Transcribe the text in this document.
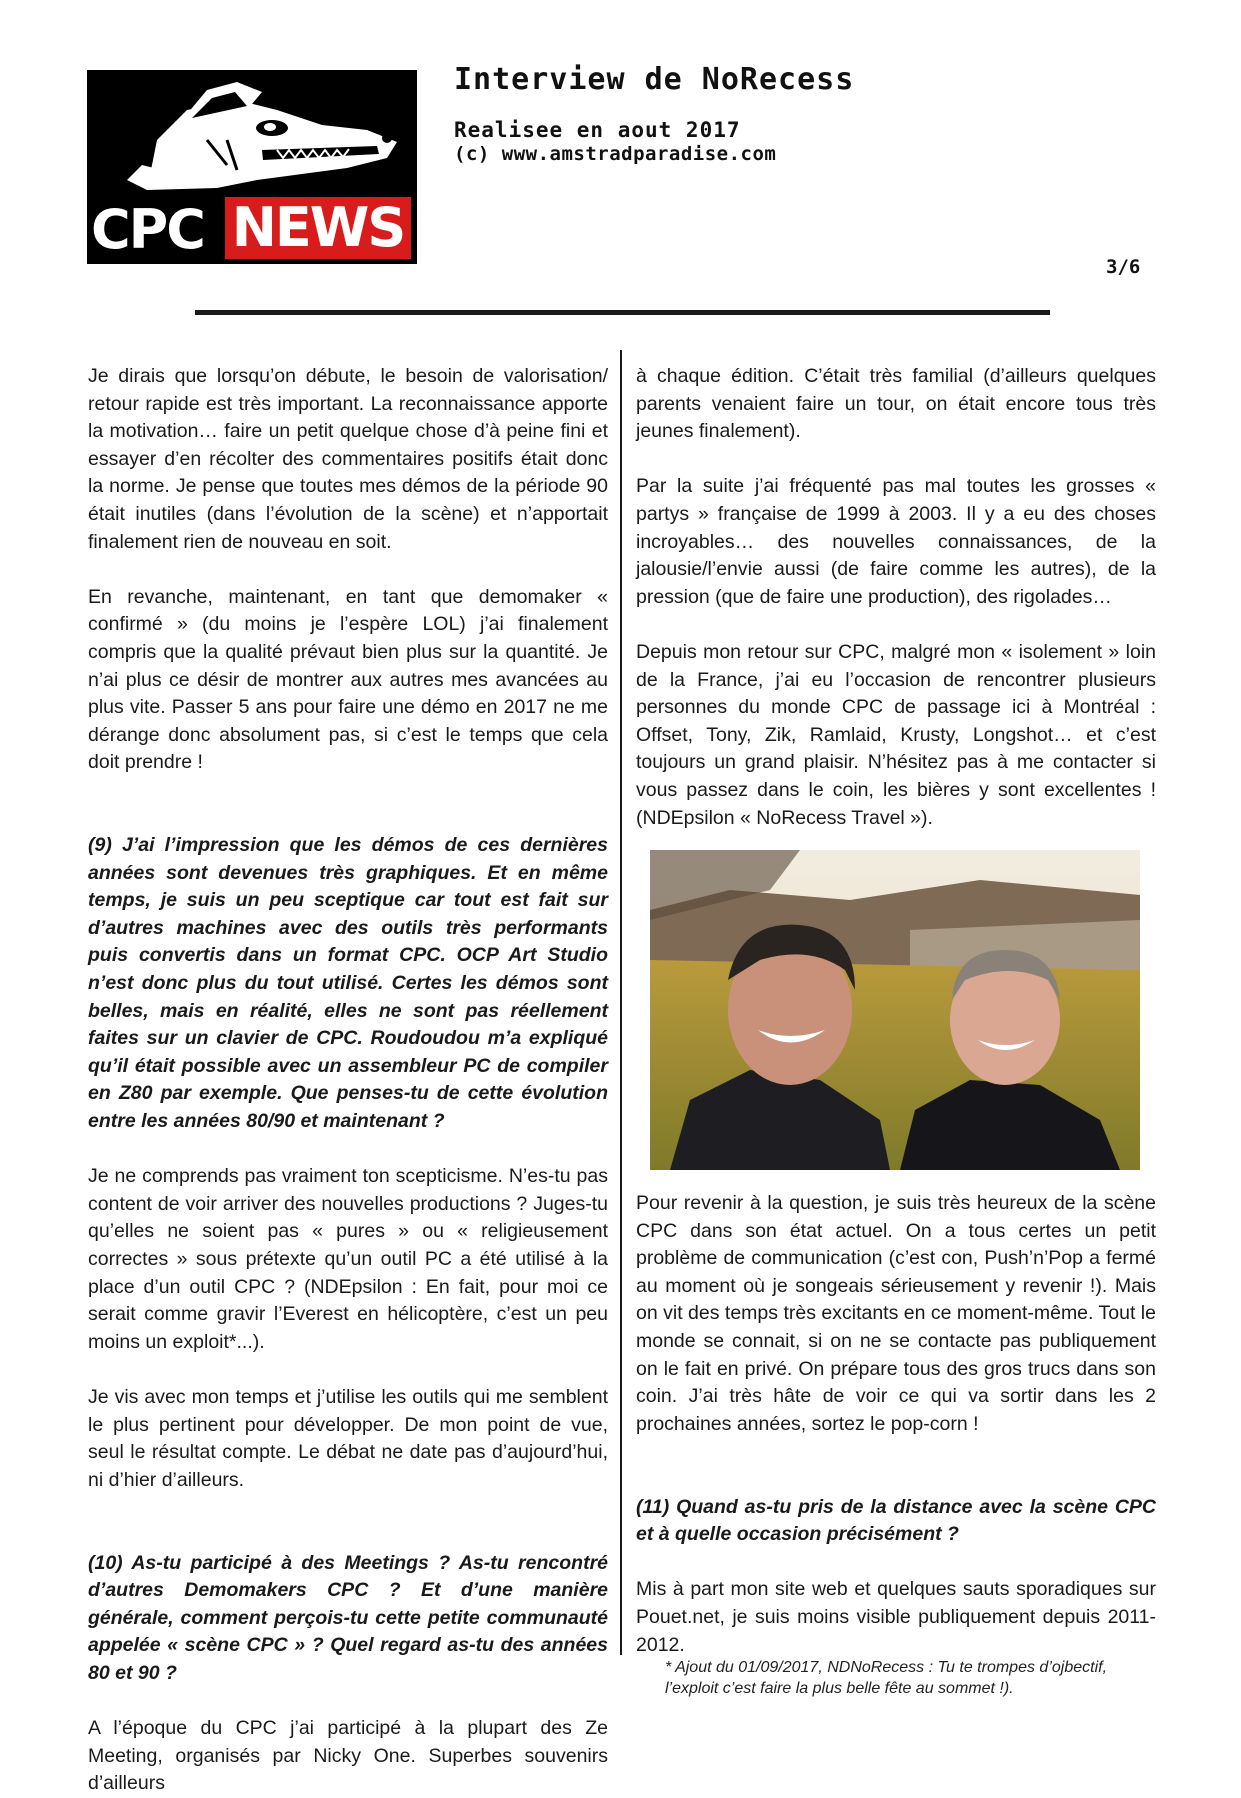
CPC NEWS
Interview de NoRecess
Realisee en aout 2017
(c) www.amstradparadise.com
3/6

Je dirais que lorsqu’on débute, le besoin de valorisation/ retour rapide est très important. La reconnaissance apporte la motivation… faire un petit quelque chose d’à peine fini et essayer d’en récolter des commentaires positifs était donc la norme. Je pense que toutes mes démos de la période 90 était inutiles (dans l’évolution de la scène) et n’apportait finalement rien de nouveau en soit.

En revanche, maintenant, en tant que demomaker « confirmé » (du moins je l’espère LOL) j’ai finalement compris que la qualité prévaut bien plus sur la quantité. Je n’ai plus ce désir de montrer aux autres mes avancées au plus vite. Passer 5 ans pour faire une démo en 2017 ne me dérange donc absolument pas, si c’est le temps que cela doit prendre !

(9) J’ai l’impression que les démos de ces dernières années sont devenues très graphiques. Et en même temps, je suis un peu sceptique car tout est fait sur d’autres machines avec des outils très performants puis convertis dans un format CPC. OCP Art Studio n’est donc plus du tout utilisé. Certes les démos sont belles, mais en réalité, elles ne sont pas réellement faites sur un clavier de CPC. Roudoudou m’a expliqué qu’il était possible avec un assembleur PC de compiler en Z80 par exemple. Que penses-tu de cette évolution entre les années 80/90 et maintenant ?

Je ne comprends pas vraiment ton scepticisme. N’es-tu pas content de voir arriver des nouvelles productions ? Juges-tu qu’elles ne soient pas « pures » ou « religieusement correctes » sous prétexte qu’un outil PC a été utilisé à la place d’un outil CPC ? (NDEpsilon : En fait, pour moi ce serait comme gravir l’Everest en hélicoptère, c’est un peu moins un exploit*...).

Je vis avec mon temps et j’utilise les outils qui me semblent le plus pertinent pour développer. De mon point de vue, seul le résultat compte. Le débat ne date pas d’aujourd’hui, ni d’hier d’ailleurs.

(10) As-tu participé à des Meetings ? As-tu rencontré d’autres Demomakers CPC ? Et d’une manière générale, comment perçois-tu cette petite communauté appelée « scène CPC » ? Quel regard as-tu des années 80 et 90 ?

A l’époque du CPC j’ai participé à la plupart des Ze Meeting, organisés par Nicky One. Superbes souvenirs d’ailleurs

à chaque édition. C’était très familial (d’ailleurs quelques parents venaient faire un tour, on était encore tous très jeunes finalement).

Par la suite j’ai fréquenté pas mal toutes les grosses « partys » française de 1999 à 2003. Il y a eu des choses incroyables… des nouvelles connaissances, de la jalousie/l’envie aussi (de faire comme les autres), de la pression (que de faire une production), des rigolades…

Depuis mon retour sur CPC, malgré mon « isolement » loin de la France, j’ai eu l’occasion de rencontrer plusieurs personnes du monde CPC de passage ici à Montréal : Offset, Tony, Zik, Ramlaid, Krusty, Longshot… et c’est toujours un grand plaisir. N’hésitez pas à me contacter si vous passez dans le coin, les bières y sont excellentes ! (NDEpsilon « NoRecess Travel »).

Pour revenir à la question, je suis très heureux de la scène CPC dans son état actuel. On a tous certes un petit problème de communication (c’est con, Push’n’Pop a fermé au moment où je songeais sérieusement y revenir !). Mais on vit des temps très excitants en ce moment-même. Tout le monde se connait, si on ne se contacte pas publiquement on le fait en privé. On prépare tous des gros trucs dans son coin. J’ai très hâte de voir ce qui va sortir dans les 2 prochaines années, sortez le pop-corn !

(11) Quand as-tu pris de la distance avec la scène CPC et à quelle occasion précisément ?

Mis à part mon site web et quelques sauts sporadiques sur Pouet.net, je suis moins visible publiquement depuis 2011-2012.

* Ajout du 01/09/2017, NDNoRecess : Tu te trompes d’ojbectif, l’exploit c’est faire la plus belle fête au sommet !).
